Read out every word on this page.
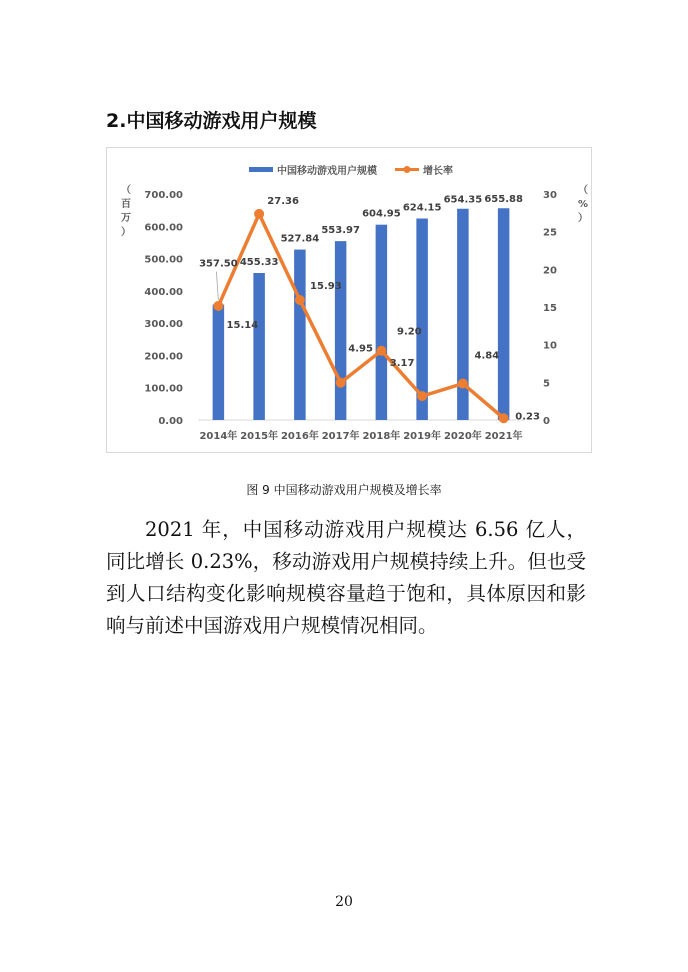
2.中国移动游戏用户规模
中国移动游戏用户规模	增长率
0.00
100.00
200.00
300.00
400.00
500.00
600.00
700.00
0
5
10
15
20
25
30
（
百
万
）
（
%
）
2014年 2015年 2016年 2017年 2018年 2019年 2020年 2021年
357.50 455.33
527.84
553.97
604.95
624.15
654.35 655.88
15.14
27.36
15.93
4.95
9.20
3.17
4.84
0.23
图 9 中国移动游戏用户规模及增长率
2021 年，中国移动游戏用户规模达 6.56 亿人，同比增长 0.23%，移动游戏用户规模持续上升。但也受到人口结构变化影响规模容量趋于饱和，具体原因和影响与前述中国游戏用户规模情况相同。
20
